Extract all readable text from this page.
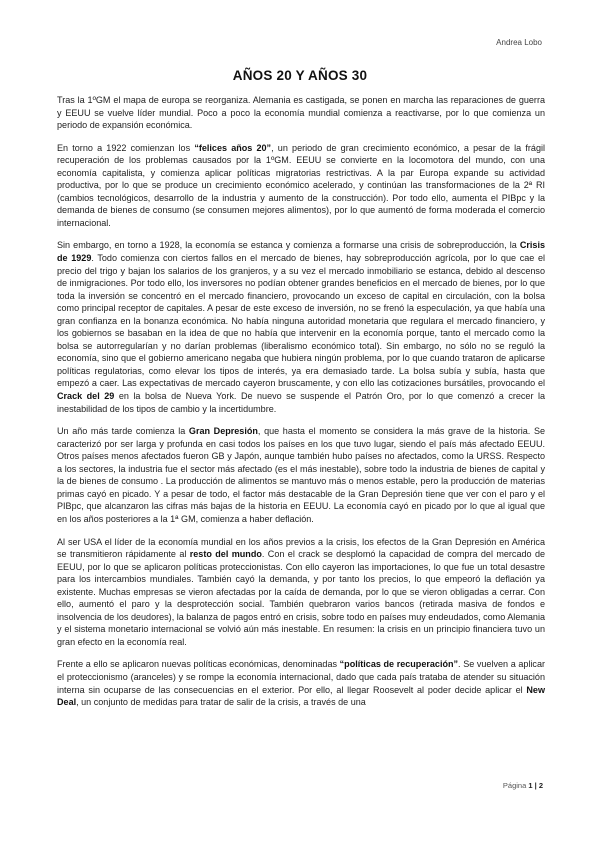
Andrea Lobo
AÑOS 20 Y AÑOS 30

Tras la 1ºGM el mapa de europa se reorganiza. Alemania es castigada, se ponen en marcha las reparaciones de guerra y EEUU se vuelve líder mundial. Poco a poco la economía mundial comienza a reactivarse, por lo que comienza un periodo de expansión económica.

En torno a 1922 comienzan los “felices años 20”, un periodo de gran crecimiento económico, a pesar de la frágil recuperación de los problemas causados por la 1ºGM. EEUU se convierte en la locomotora del mundo, con una economía capitalista, y comienza aplicar políticas migratorias restrictivas. A la par Europa expande su actividad productiva, por lo que se produce un crecimiento económico acelerado, y continúan las transformaciones de la 2ª RI (cambios tecnológicos, desarrollo de la industria y aumento de la construcción). Por todo ello, aumenta el PIBpc y la demanda de bienes de consumo (se consumen mejores alimentos), por lo que aumentó de forma moderada el comercio internacional.

Sin embargo, en torno a 1928, la economía se estanca y comienza a formarse una crisis de sobreproducción, la Crisis de 1929. Todo comienza con ciertos fallos en el mercado de bienes, hay sobreproducción agrícola, por lo que cae el precio del trigo y bajan los salarios de los granjeros, y a su vez el mercado inmobiliario se estanca, debido al descenso de inmigraciones. Por todo ello, los inversores no podían obtener grandes beneficios en el mercado de bienes, por lo que toda la inversión se concentró en el mercado financiero, provocando un exceso de capital en circulación, con la bolsa como principal receptor de capitales. A pesar de este exceso de inversión, no se frenó la especulación, ya que había una gran confianza en la bonanza económica. No había ninguna autoridad monetaria que regulara el mercado financiero, y los gobiernos se basaban en la idea de que no había que intervenir en la economía porque, tanto el mercado como la bolsa se autorregularían y no darían problemas (liberalismo económico total). Sin embargo, no sólo no se reguló la economía, sino que el gobierno americano negaba que hubiera ningún problema, por lo que cuando trataron de aplicarse políticas regulatorias, como elevar los tipos de interés, ya era demasiado tarde. La bolsa subía y subía, hasta que empezó a caer. Las expectativas de mercado cayeron bruscamente, y con ello las cotizaciones bursátiles, provocando el Crack del 29 en la bolsa de Nueva York. De nuevo se suspende el Patrón Oro, por lo que comenzó a crecer la inestabilidad de los tipos de cambio y la incertidumbre.

Un año más tarde comienza la Gran Depresión, que hasta el momento se considera la más grave de la historia. Se caracterizó por ser larga y profunda en casi todos los países en los que tuvo lugar, siendo el país más afectado EEUU. Otros países menos afectados fueron GB y Japón, aunque también hubo países no afectados, como la URSS. Respecto a los sectores, la industria fue el sector más afectado (es el más inestable), sobre todo la industria de bienes de capital y la de bienes de consumo . La producción de alimentos se mantuvo más o menos estable, pero la producción de materias primas cayó en picado. Y a pesar de todo, el factor más destacable de la Gran Depresión tiene que ver con el paro y el PIBpc, que alcanzaron las cifras más bajas de la historia en EEUU. La economía cayó en picado por lo que al igual que en los años posteriores a la 1ª GM, comienza a haber deflación.

Al ser USA el líder de la economía mundial en los años previos a la crisis, los efectos de la Gran Depresión en América se transmitieron rápidamente al resto del mundo. Con el crack se desplomó la capacidad de compra del mercado de EEUU, por lo que se aplicaron políticas proteccionistas. Con ello cayeron las importaciones, lo que fue un total desastre para los intercambios mundiales. También cayó la demanda, y por tanto los precios, lo que empeoró la deflación ya existente. Muchas empresas se vieron afectadas por la caída de demanda, por lo que se vieron obligadas a cerrar. Con ello, aumentó el paro y la desprotección social. También quebraron varios bancos (retirada masiva de fondos e insolvencia de los deudores), la balanza de pagos entró en crisis, sobre todo en países muy endeudados, como Alemania y el sistema monetario internacional se volvió aún más inestable. En resumen: la crisis en un principio financiera tuvo un gran efecto en la economía real.

Frente a ello se aplicaron nuevas políticas económicas, denominadas “políticas de recuperación”. Se vuelven a aplicar el proteccionismo (aranceles) y se rompe la economía internacional, dado que cada país trataba de atender su situación interna sin ocuparse de las consecuencias en el exterior. Por ello, al llegar Roosevelt al poder decide aplicar el New Deal, un conjunto de medidas para tratar de salir de la crisis, a través de una

Página 1 | 2
